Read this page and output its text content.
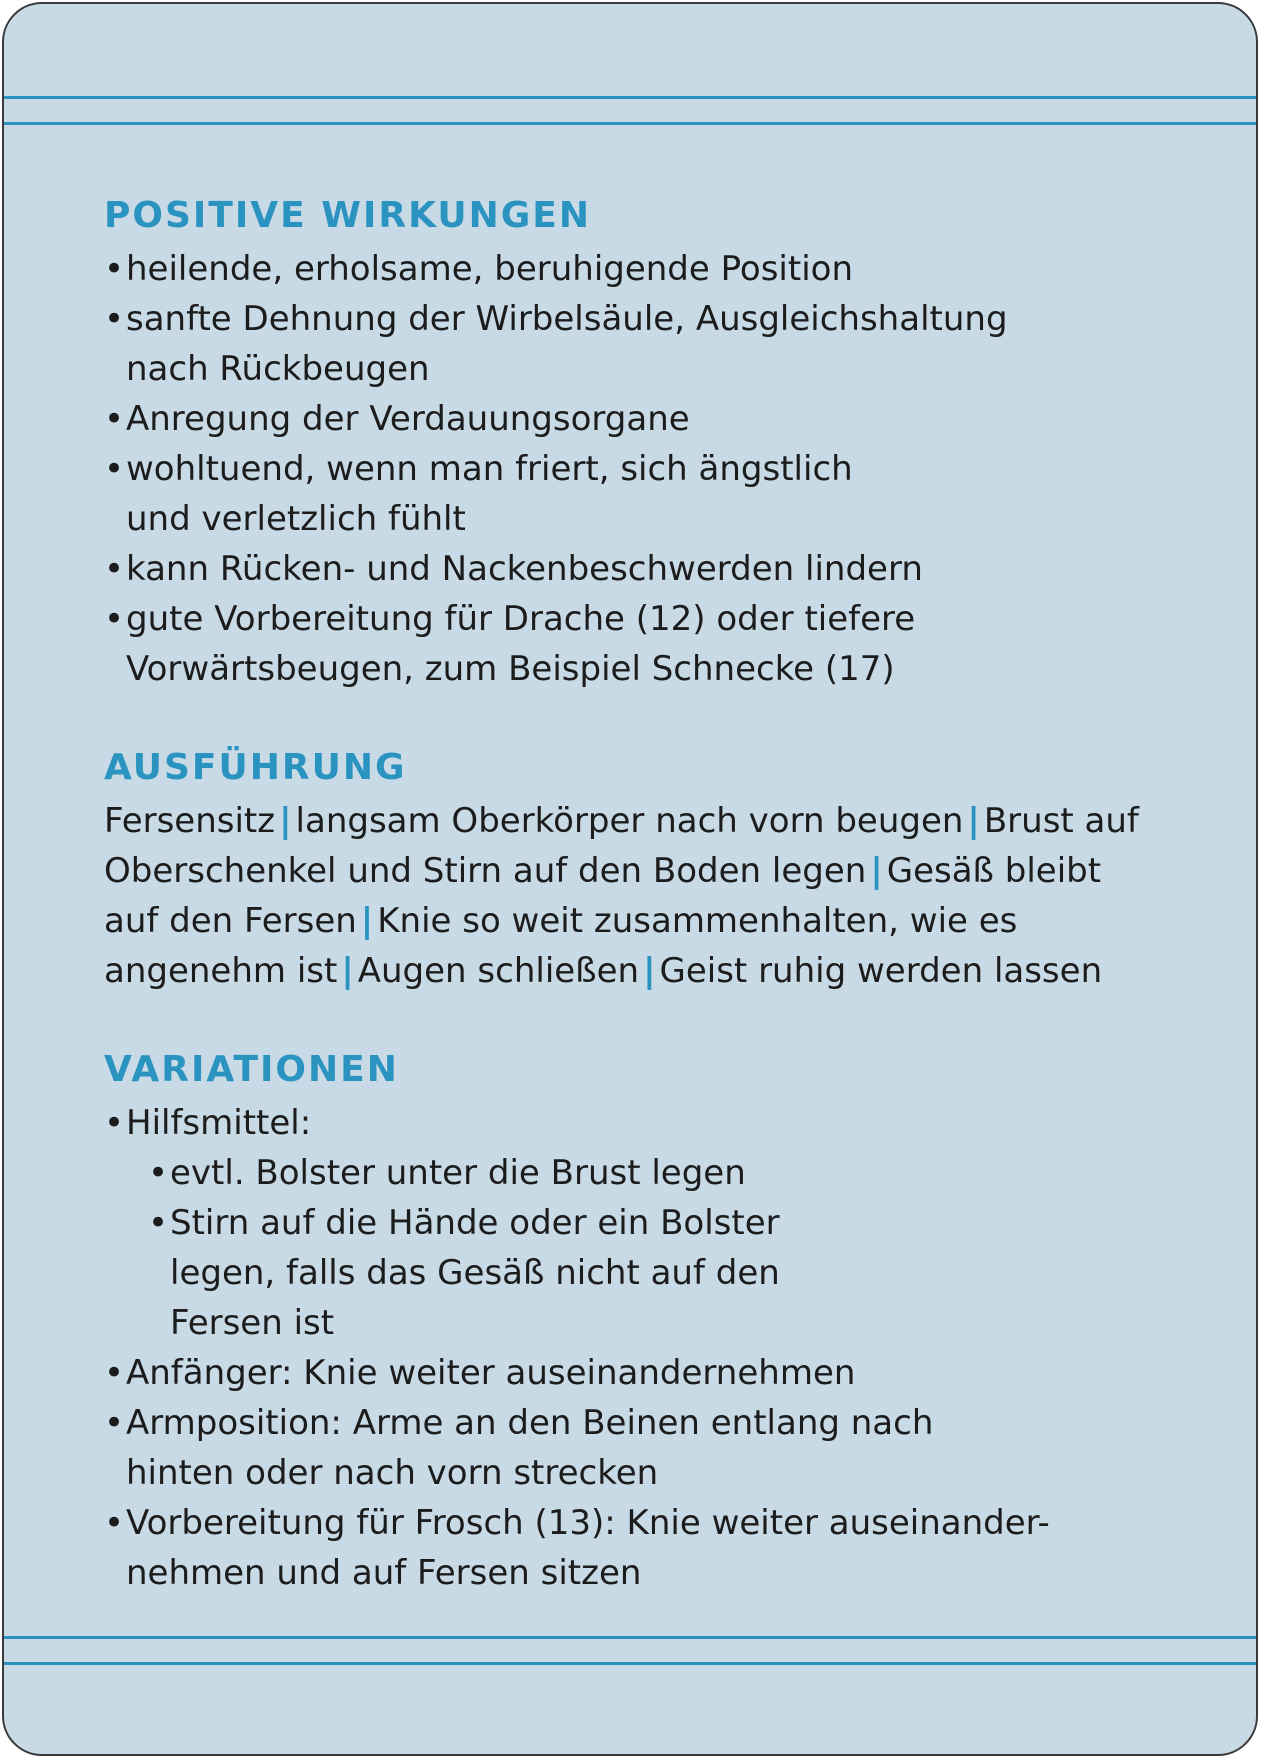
POSITIVE WIRKUNGEN
• heilende, erholsame, beruhigende Position
• sanfte Dehnung der Wirbelsäule, Ausgleichshaltung nach Rückbeugen
• Anregung der Verdauungsorgane
• wohltuend, wenn man friert, sich ängstlich und verletzlich fühlt
• kann Rücken- und Nackenbeschwerden lindern
• gute Vorbereitung für Drache (12) oder tiefere Vorwärtsbeugen, zum Beispiel Schnecke (17)
AUSFÜHRUNG

Fersensitz | langsam Oberkörper nach vorn beugen | Brust auf Oberschenkel und Stirn auf den Boden legen | Gesäß bleibt auf den Fersen | Knie so weit zusammenhalten, wie es angenehm ist | Augen schließen | Geist ruhig werden lassen

VARIATIONEN
• Hilfsmittel:
• evtl. Bolster unter die Brust legen
• Stirn auf die Hände oder ein Bolster legen, falls das Gesäß nicht auf den Fersen ist
• Anfänger: Knie weiter auseinandernehmen
• Armposition: Arme an den Beinen entlang nach hinten oder nach vorn strecken
• Vorbereitung für Frosch (13): Knie weiter auseinander-nehmen und auf Fersen sitzen
